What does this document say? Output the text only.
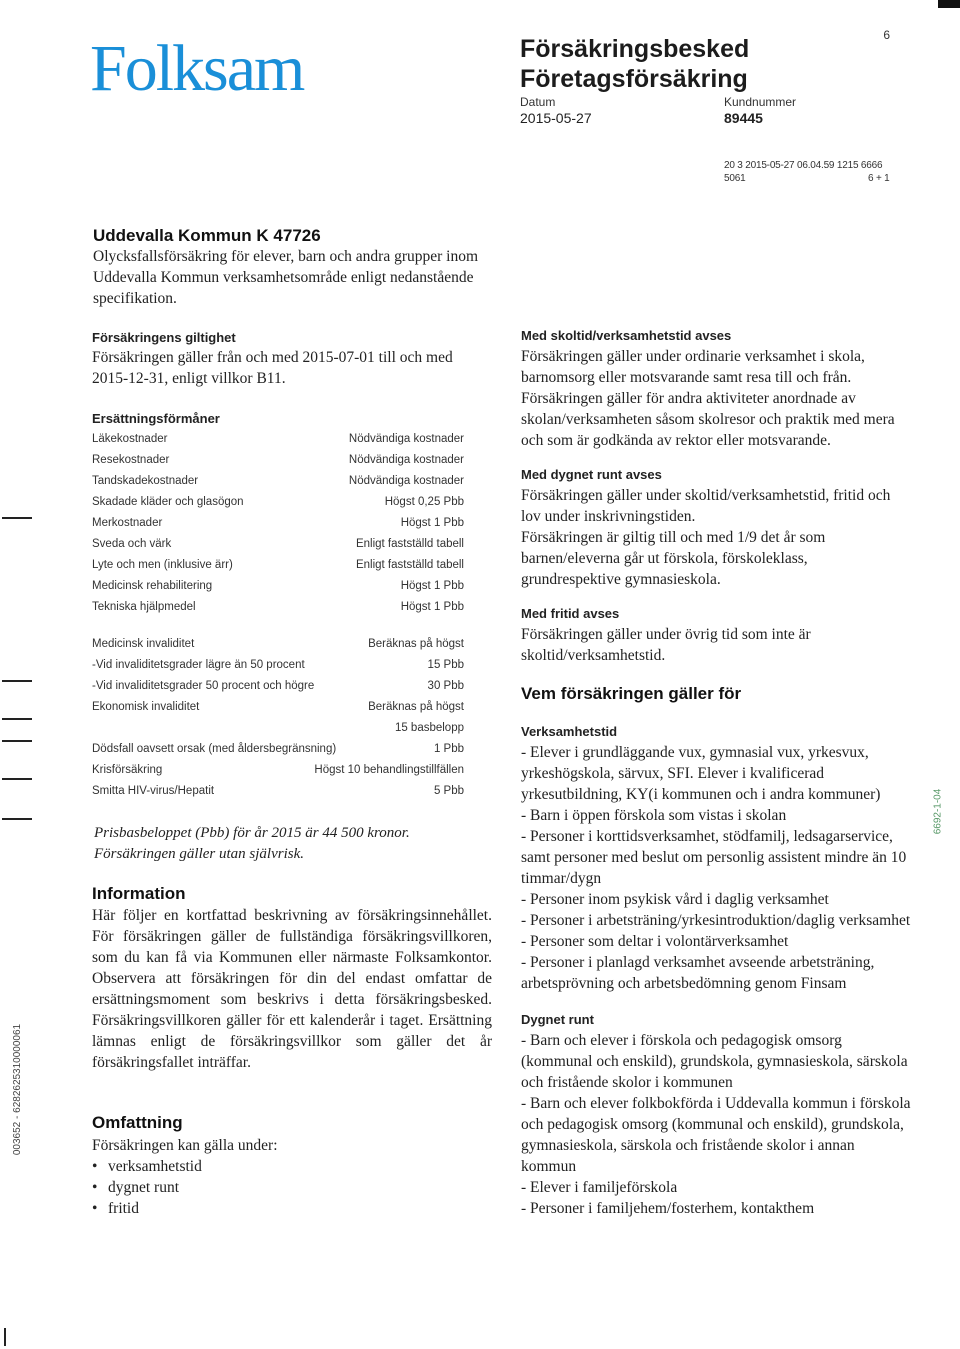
Folksam	Försäkringsbesked
Företagsförsäkring
6
Datum
2015-05-27
Kundnummer
89445
20 3 2015-05-27 06.04.59 1215 6666
5061	6 + 1
Uddevalla Kommun K 47726
Olycksfallsförsäkring för elever, barn och andra grupper inom Uddevalla Kommun verksamhetsområde enligt nedanstående specifikation.
Försäkringens giltighet
Försäkringen gäller från och med 2015-07-01 till och med 2015-12-31, enligt villkor B11.
Ersättningsförmåner
Läkekostnader	Nödvändiga kostnader
Resekostnader	Nödvändiga kostnader
Tandskadekostnader	Nödvändiga kostnader
Skadade kläder och glasögon	Högst 0,25 Pbb
Merkostnader	Högst 1 Pbb
Sveda och värk	Enligt fastställd tabell
Lyte och men (inklusive ärr)	Enligt fastställd tabell
Medicinsk rehabilitering	Högst 1 Pbb
Tekniska hjälpmedel	Högst 1 Pbb
Medicinsk invaliditet	Beräknas på högst
-Vid invaliditetsgrader lägre än 50 procent	15 Pbb
-Vid invaliditetsgrader 50 procent och högre	30 Pbb
Ekonomisk invaliditet	Beräknas på högst
15 basbelopp
Dödsfall oavsett orsak (med åldersbegränsning)	1 Pbb
Krisförsäkring	Högst 10 behandlingstillfällen
Smitta HIV-virus/Hepatit	5 Pbb
Prisbasbeloppet (Pbb) för år 2015 är 44 500 kronor.
Försäkringen gäller utan självrisk.
Information
Här följer en kortfattad beskrivning av försäkringsinnehållet. För försäkringen gäller de fullständiga försäkringsvillkoren, som du kan få via Kommunen eller närmaste Folksamkontor. Observera att försäkringen för din del endast omfattar de ersättningsmoment som beskrivs i detta försäkringsbesked. Försäkringsvillkoren gäller för ett kalenderår i taget. Ersättning lämnas enligt de försäkringsvillkor som gäller det år försäkringsfallet inträffar.
Omfattning
Försäkringen kan gälla under:
• verksamhetstid
• dygnet runt
• fritid
Med skoltid/verksamhetstid avses
Försäkringen gäller under ordinarie verksamhet i skola, barnomsorg eller motsvarande samt resa till och från.
Försäkringen gäller för andra aktiviteter anordnade av skolan/verksamheten såsom skolresor och praktik med mera och som är godkända av rektor eller motsvarande.
Med dygnet runt avses
Försäkringen gäller under skoltid/verksamhetstid, fritid och lov under inskrivningstiden.
Försäkringen är giltig till och med 1/9 det år som barnen/eleverna går ut förskola, förskoleklass, grundrespektive gymnasieskola.
Med fritid avses
Försäkringen gäller under övrig tid som inte är skoltid/verksamhetstid.
Vem försäkringen gäller för
Verksamhetstid
- Elever i grundläggande vux, gymnasial vux, yrkesvux, yrkeshögskola, särvux, SFI. Elever i kvalificerad yrkesutbildning, KY(i kommunen och i andra kommuner)
- Barn i öppen förskola som vistas i skolan
- Personer i korttidsverksamhet, stödfamilj, ledsagarservice, samt personer med beslut om personlig assistent mindre än 10 timmar/dygn
- Personer inom psykisk vård i daglig verksamhet
- Personer i arbetsträning/yrkesintroduktion/daglig verksamhet
- Personer som deltar i volontärverksamhet
- Personer i planlagd verksamhet avseende arbetsträning, arbetsprövning och arbetsbedömning genom Finsam
Dygnet runt
- Barn och elever i förskola och pedagogisk omsorg (kommunal och enskild), grundskola, gymnasieskola, särskola och fristående skolor i kommunen
- Barn och elever folkbokförda i Uddevalla kommun i förskola och pedagogisk omsorg (kommunal och enskild), grundskola, gymnasieskola, särskola och fristående skolor i annan kommun
- Elever i familjeförskola
- Personer i familjehem/fosterhem, kontakthem
003652 - 6282625310000061
6692-1-04
